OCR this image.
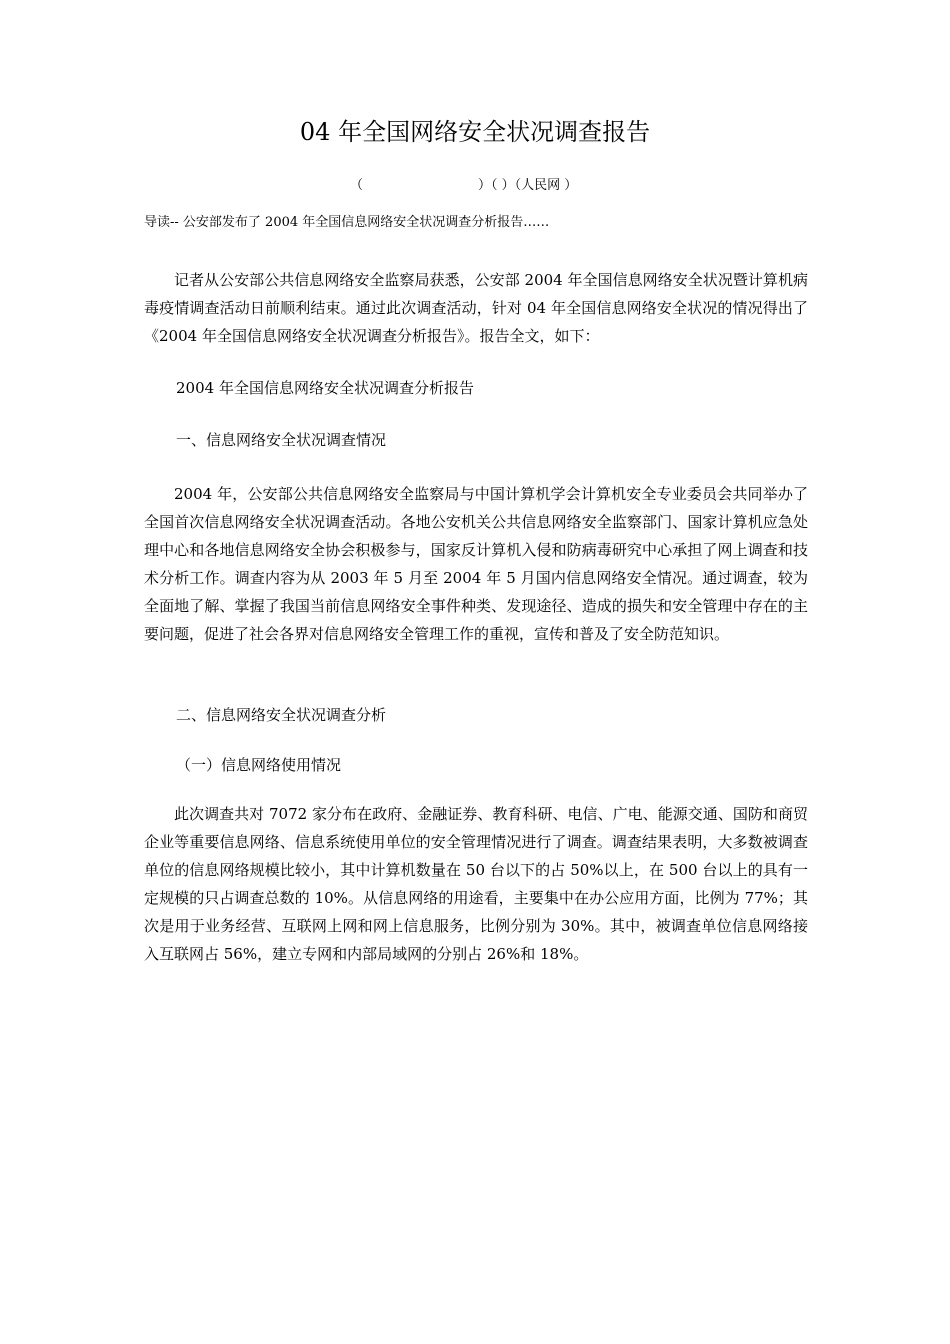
04 年全国网络安全状况调查报告
（	）（ ）（人民网 ）
导读-- 公安部发布了 2004 年全国信息网络安全状况调查分析报告……

记者从公安部公共信息网络安全监察局获悉，公安部 2004 年全国信息网络安全状况暨计算机病毒疫情调查活动日前顺利结束。通过此次调查活动，针对 04 年全国信息网络安全状况的情况得出了《2004 年全国信息网络安全状况调查分析报告》。报告全文，如下：

2004 年全国信息网络安全状况调查分析报告

一、信息网络安全状况调查情况

2004 年，公安部公共信息网络安全监察局与中国计算机学会计算机安全专业委员会共同举办了全国首次信息网络安全状况调查活动。各地公安机关公共信息网络安全监察部门、国家计算机应急处理中心和各地信息网络安全协会积极参与，国家反计算机入侵和防病毒研究中心承担了网上调查和技术分析工作。调查内容为从 2003 年 5 月至 2004 年 5 月国内信息网络安全情况。通过调查，较为全面地了解、掌握了我国当前信息网络安全事件种类、发现途径、造成的损失和安全管理中存在的主要问题，促进了社会各界对信息网络安全管理工作的重视，宣传和普及了安全防范知识。

二、信息网络安全状况调查分析

（一）信息网络使用情况

此次调查共对 7072 家分布在政府、金融证券、教育科研、电信、广电、能源交通、国防和商贸企业等重要信息网络、信息系统使用单位的安全管理情况进行了调查。调查结果表明，大多数被调查单位的信息网络规模比较小，其中计算机数量在 50 台以下的占 50%以上，在 500 台以上的具有一定规模的只占调查总数的 10%。从信息网络的用途看，主要集中在办公应用方面，比例为 77%；其次是用于业务经营、互联网上网和网上信息服务，比例分别为 30%。其中，被调查单位信息网络接入互联网占 56%，建立专网和内部局域网的分别占 26%和 18%。
